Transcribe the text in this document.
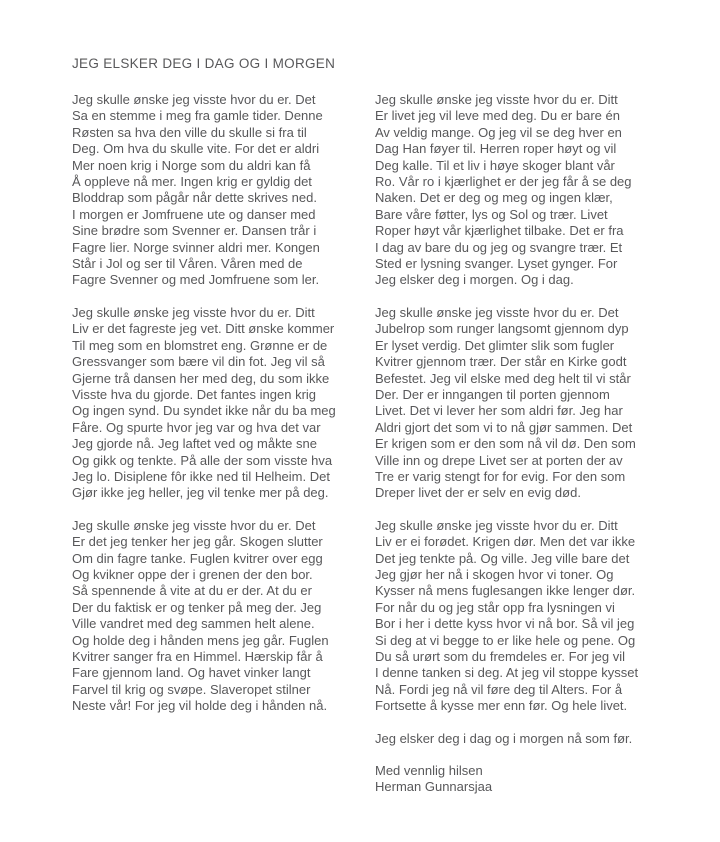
JEG ELSKER DEG I DAG OG I MORGEN

Jeg skulle ønske jeg visste hvor du er. Det
Sa en stemme i meg fra gamle tider. Denne
Røsten sa hva den ville du skulle si fra til
Deg. Om hva du skulle vite. For det er aldri
Mer noen krig i Norge som du aldri kan få
Å oppleve nå mer. Ingen krig er gyldig det
Bloddrap som pågår når dette skrives ned.
I morgen er Jomfruene ute og danser med
Sine brødre som Svenner er. Dansen trår i
Fagre lier. Norge svinner aldri mer. Kongen
Står i Jol og ser til Våren. Våren med de
Fagre Svenner og med Jomfruene som ler.

Jeg skulle ønske jeg visste hvor du er. Ditt
Liv er det fagreste jeg vet. Ditt ønske kommer
Til meg som en blomstret eng. Grønne er de
Gressvanger som bære vil din fot. Jeg vil så
Gjerne trå dansen her med deg, du som ikke
Visste hva du gjorde. Det fantes ingen krig
Og ingen synd. Du syndet ikke når du ba meg
Fåre. Og spurte hvor jeg var og hva det var
Jeg gjorde nå. Jeg laftet ved og måkte sne
Og gikk og tenkte. På alle der som visste hva
Jeg lo. Disiplene fôr ikke ned til Helheim. Det
Gjør ikke jeg heller, jeg vil tenke mer på deg.

Jeg skulle ønske jeg visste hvor du er. Det
Er det jeg tenker her jeg går. Skogen slutter
Om din fagre tanke. Fuglen kvitrer over egg
Og kvikner oppe der i grenen der den bor.
Så spennende å vite at du er der. At du er
Der du faktisk er og tenker på meg der. Jeg
Ville vandret med deg sammen helt alene.
Og holde deg i hånden mens jeg går. Fuglen
Kvitrer sanger fra en Himmel. Hærskip får å
Fare gjennom land. Og havet vinker langt
Farvel til krig og svøpe. Slaveropet stilner
Neste vår! For jeg vil holde deg i hånden nå.

Jeg skulle ønske jeg visste hvor du er. Ditt
Er livet jeg vil leve med deg. Du er bare én
Av veldig mange. Og jeg vil se deg hver en
Dag Han føyer til. Herren roper høyt og vil
Deg kalle. Til et liv i høye skoger blant vår
Ro. Vår ro i kjærlighet er der jeg får å se deg
Naken. Det er deg og meg og ingen klær,
Bare våre føtter, lys og Sol og trær. Livet
Roper høyt vår kjærlighet tilbake. Det er fra
I dag av bare du og jeg og svangre trær. Et
Sted er lysning svanger. Lyset gynger. For
Jeg elsker deg i morgen. Og i dag.

Jeg skulle ønske jeg visste hvor du er. Det
Jubelrop som runger langsomt gjennom dyp
Er lyset verdig. Det glimter slik som fugler
Kvitrer gjennom trær. Der står en Kirke godt
Befestet. Jeg vil elske med deg helt til vi står
Der. Der er inngangen til porten gjennom
Livet. Det vi lever her som aldri før. Jeg har
Aldri gjort det som vi to nå gjør sammen. Det
Er krigen som er den som nå vil dø. Den som
Ville inn og drepe Livet ser at porten der av
Tre er varig stengt for for evig. For den som
Dreper livet der er selv en evig død.

Jeg skulle ønske jeg visste hvor du er. Ditt
Liv er ei forødet. Krigen dør. Men det var ikke
Det jeg tenkte på. Og ville. Jeg ville bare det
Jeg gjør her nå i skogen hvor vi toner. Og
Kysser nå mens fuglesangen ikke lenger dør.
For når du og jeg står opp fra lysningen vi
Bor i her i dette kyss hvor vi nå bor. Så vil jeg
Si deg at vi begge to er like hele og pene. Og
Du så urørt som du fremdeles er. For jeg vil
I denne tanken si deg. At jeg vil stoppe kysset
Nå. Fordi jeg nå vil føre deg til Alters. For å
Fortsette å kysse mer enn før. Og hele livet.

Jeg elsker deg i dag og i morgen nå som før.

Med vennlig hilsen
Herman Gunnarsjaa
